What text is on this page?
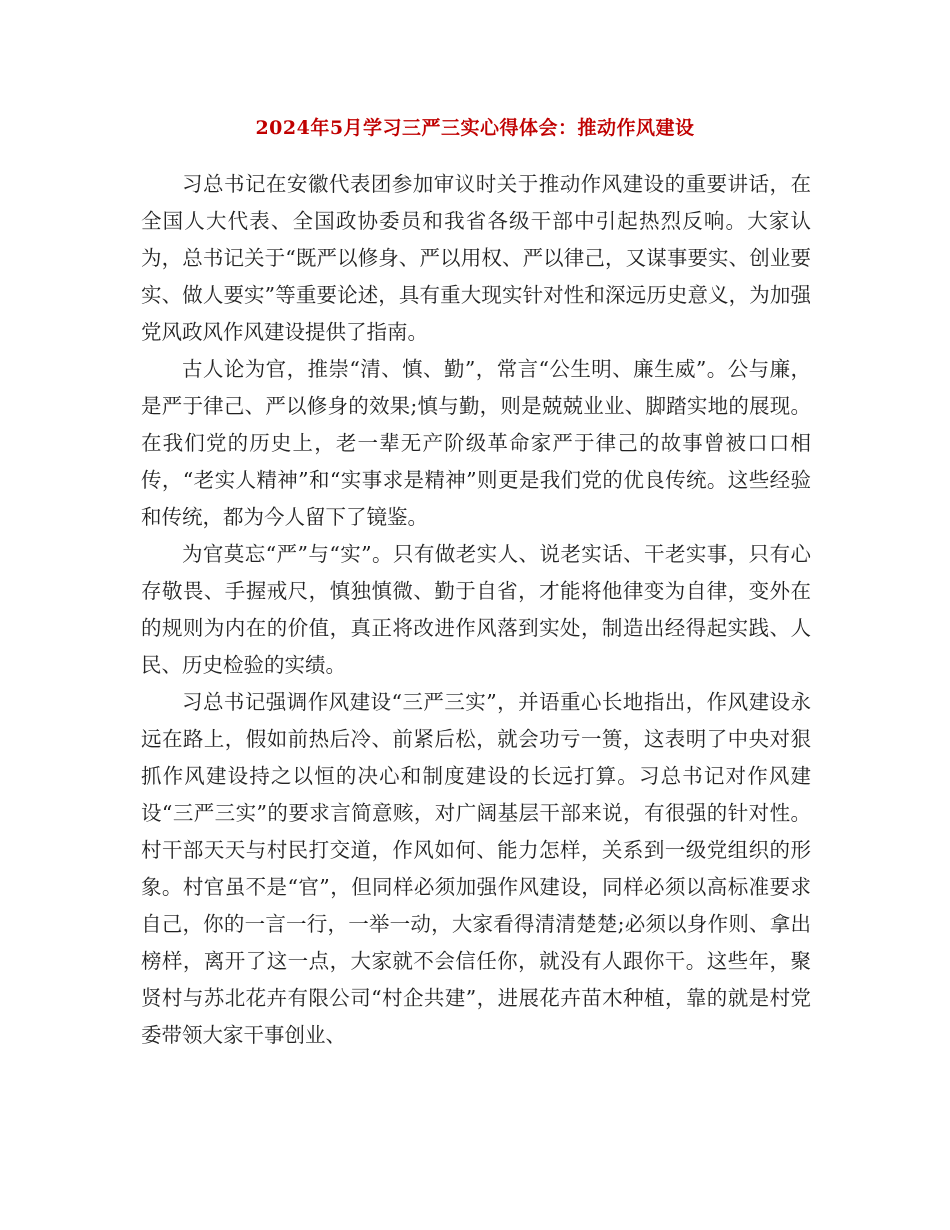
2024年5月学习三严三实心得体会：推动作风建设

习总书记在安徽代表团参加审议时关于推动作风建设的重要讲话，在全国人大代表、全国政协委员和我省各级干部中引起热烈反响。大家认为，总书记关于“既严以修身、严以用权、严以律己，又谋事要实、创业要实、做人要实”等重要论述，具有重大现实针对性和深远历史意义，为加强党风政风作风建设提供了指南。

古人论为官，推崇“清、慎、勤”，常言“公生明、廉生威”。公与廉，是严于律己、严以修身的效果;慎与勤，则是兢兢业业、脚踏实地的展现。在我们党的历史上，老一辈无产阶级革命家严于律己的故事曾被口口相传，“老实人精神”和“实事求是精神”则更是我们党的优良传统。这些经验和传统，都为今人留下了镜鉴。

为官莫忘“严”与“实”。只有做老实人、说老实话、干老实事，只有心存敬畏、手握戒尺，慎独慎微、勤于自省，才能将他律变为自律，变外在的规则为内在的价值，真正将改进作风落到实处，制造出经得起实践、人民、历史检验的实绩。

习总书记强调作风建设“三严三实”，并语重心长地指出，作风建设永远在路上，假如前热后冷、前紧后松，就会功亏一篑，这表明了中央对狠抓作风建设持之以恒的决心和制度建设的长远打算。习总书记对作风建设“三严三实”的要求言简意赅，对广阔基层干部来说，有很强的针对性。村干部天天与村民打交道，作风如何、能力怎样，关系到一级党组织的形象。村官虽不是“官”，但同样必须加强作风建设，同样必须以高标准要求自己，你的一言一行，一举一动，大家看得清清楚楚;必须以身作则、拿出榜样，离开了这一点，大家就不会信任你，就没有人跟你干。这些年，聚贤村与苏北花卉有限公司“村企共建”，进展花卉苗木种植，靠的就是村党委带领大家干事创业、
